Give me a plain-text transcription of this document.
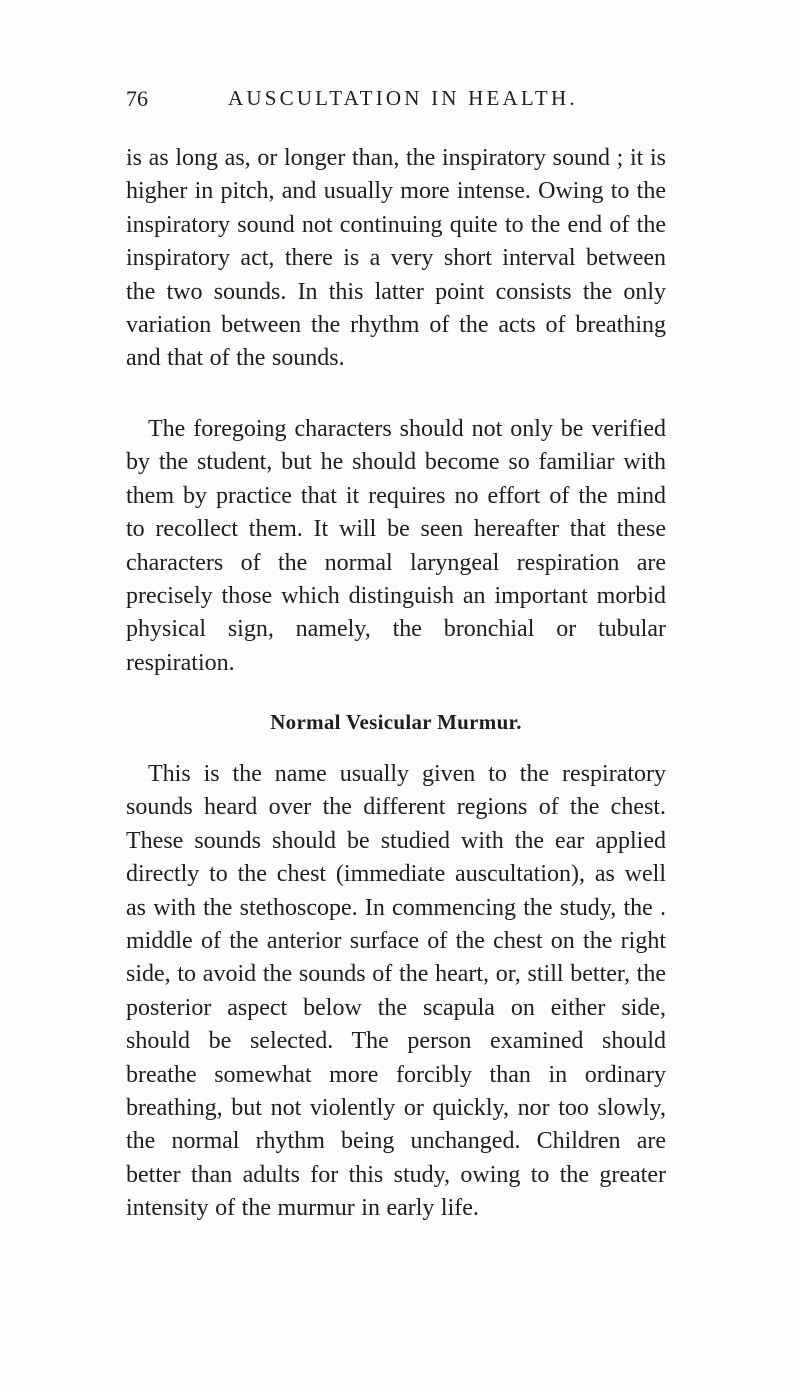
76	AUSCULTATION IN HEALTH.

is as long as, or longer than, the inspiratory sound ; it is higher in pitch, and usually more intense. Owing to the inspiratory sound not continuing quite to the end of the inspiratory act, there is a very short interval between the two sounds. In this latter point consists the only variation between the rhythm of the acts of breathing and that of the sounds.

The foregoing characters should not only be verified by the student, but he should become so familiar with them by practice that it requires no effort of the mind to recollect them. It will be seen hereafter that these characters of the normal laryngeal respiration are precisely those which distinguish an important morbid physical sign, namely, the bronchial or tubular respiration.

Normal Vesicular Murmur.

This is the name usually given to the respiratory sounds heard over the different regions of the chest. These sounds should be studied with the ear applied directly to the chest (immediate auscultation), as well as with the stethoscope. In commencing the study, the . middle of the anterior surface of the chest on the right side, to avoid the sounds of the heart, or, still better, the posterior aspect below the scapula on either side, should be selected. The person examined should breathe somewhat more forcibly than in ordinary breathing, but not violently or quickly, nor too slowly, the normal rhythm being unchanged. Children are better than adults for this study, owing to the greater intensity of the murmur in early life.
